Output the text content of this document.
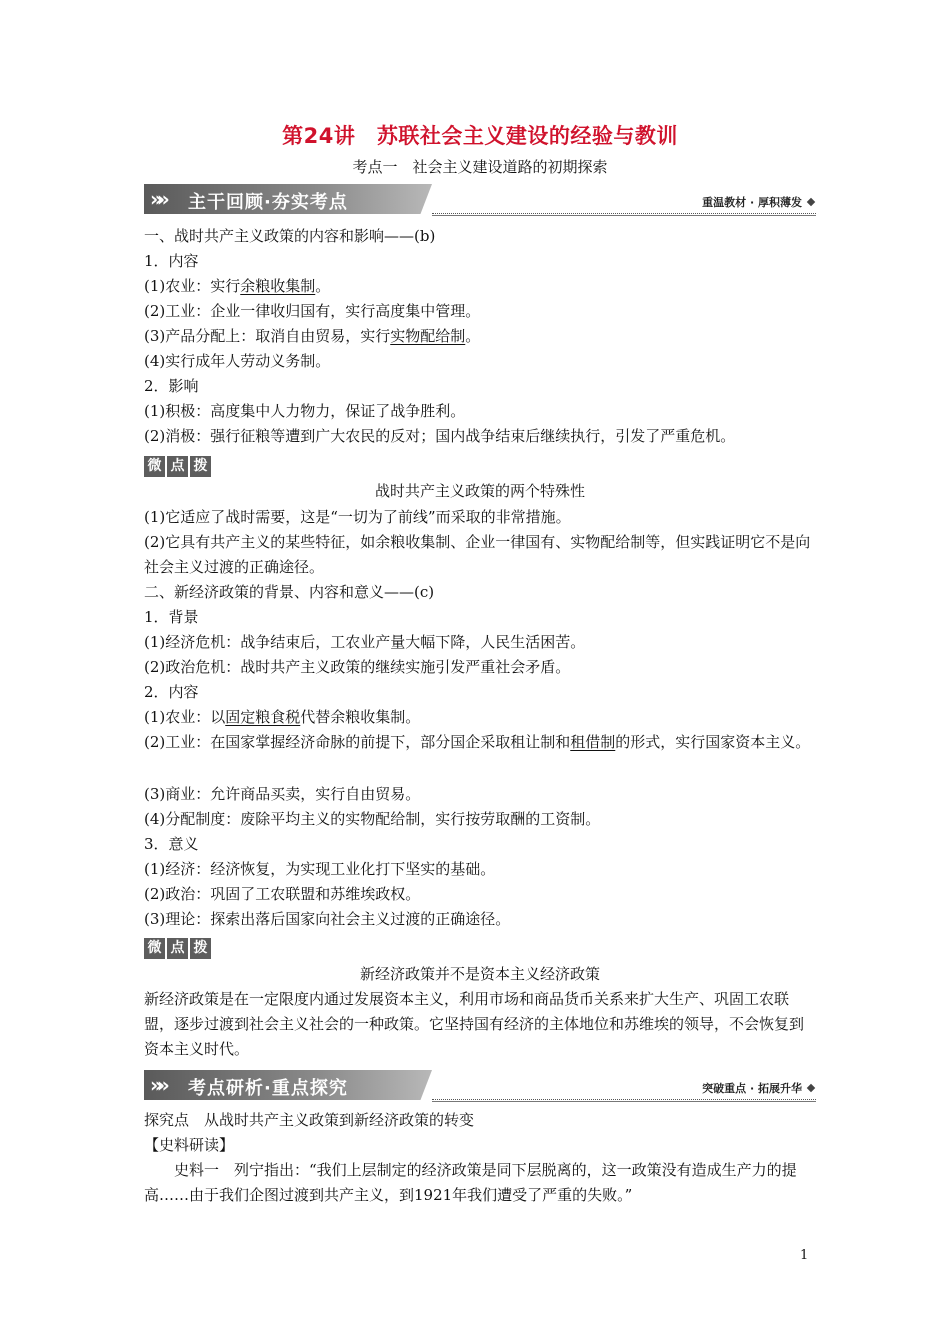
第24讲　苏联社会主义建设的经验与教训
考点一　社会主义建设道路的初期探索
»» 主干回顾·夯实考点	重温教材 · 厚积薄发
一、战时共产主义政策的内容和影响——(b)
1．内容
(1)农业：实行余粮收集制。
(2)工业：企业一律收归国有，实行高度集中管理。
(3)产品分配上：取消自由贸易，实行实物配给制。
(4)实行成年人劳动义务制。
2．影响
(1)积极：高度集中人力物力，保证了战争胜利。
(2)消极：强行征粮等遭到广大农民的反对；国内战争结束后继续执行，引发了严重危机。
微 点 拨
战时共产主义政策的两个特殊性
(1)它适应了战时需要，这是“一切为了前线”而采取的非常措施。
(2)它具有共产主义的某些特征，如余粮收集制、企业一律国有、实物配给制等，但实践证明它不是向社会主义过渡的正确途径。
二、新经济政策的背景、内容和意义——(c)
1．背景
(1)经济危机：战争结束后，工农业产量大幅下降，人民生活困苦。
(2)政治危机：战时共产主义政策的继续实施引发严重社会矛盾。
2．内容
(1)农业：以固定粮食税代替余粮收集制。
(2)工业：在国家掌握经济命脉的前提下，部分国企采取租让制和租借制的形式，实行国家资本主义。
(3)商业：允许商品买卖，实行自由贸易。
(4)分配制度：废除平均主义的实物配给制，实行按劳取酬的工资制。
3．意义
(1)经济：经济恢复，为实现工业化打下坚实的基础。
(2)政治：巩固了工农联盟和苏维埃政权。
(3)理论：探索出落后国家向社会主义过渡的正确途径。
微 点 拨
新经济政策并不是资本主义经济政策
新经济政策是在一定限度内通过发展资本主义，利用市场和商品货币关系来扩大生产、巩固工农联盟，逐步过渡到社会主义社会的一种政策。它坚持国有经济的主体地位和苏维埃的领导，不会恢复到资本主义时代。
»» 考点研析·重点探究	突破重点 · 拓展升华
探究点　从战时共产主义政策到新经济政策的转变
【史料研读】
史料一　列宁指出：“我们上层制定的经济政策是同下层脱离的，这一政策没有造成生产力的提高……由于我们企图过渡到共产主义，到1921年我们遭受了严重的失败。”
1
